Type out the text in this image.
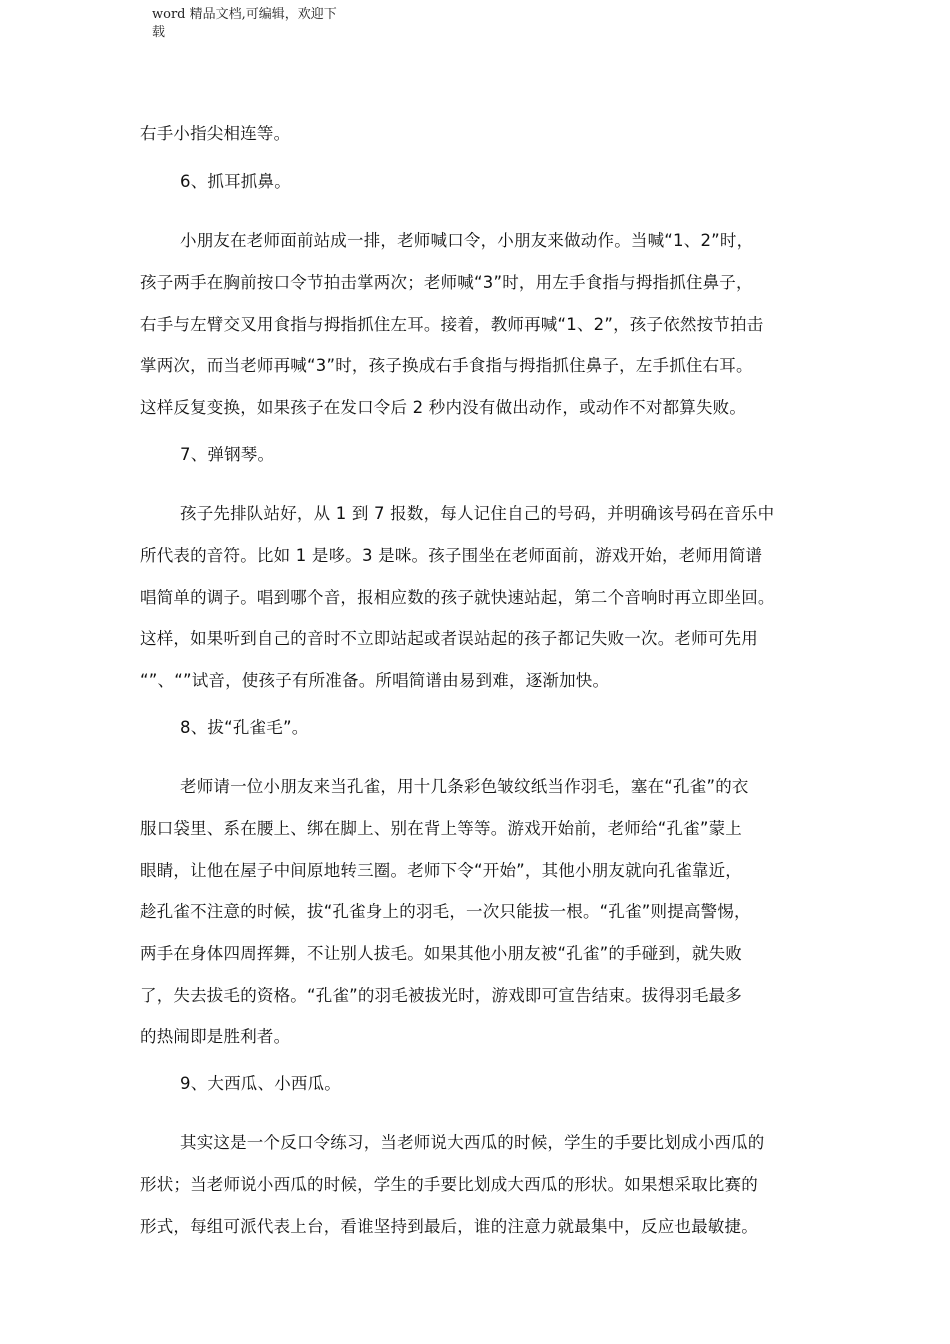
word 精品文档,可编辑，欢迎下
载
右手小指尖相连等。
6、抓耳抓鼻。
小朋友在老师面前站成一排，老师喊口令，小朋友来做动作。当喊“1、2”时，
孩子两手在胸前按口令节拍击掌两次；老师喊“3”时，用左手食指与拇指抓住鼻子，
右手与左臂交叉用食指与拇指抓住左耳。接着，教师再喊“1、2”，孩子依然按节拍击
掌两次，而当老师再喊“3”时，孩子换成右手食指与拇指抓住鼻子，左手抓住右耳。
这样反复变换，如果孩子在发口令后 2 秒内没有做出动作，或动作不对都算失败。
7、弹钢琴。
孩子先排队站好，从 1 到 7 报数，每人记住自己的号码，并明确该号码在音乐中
所代表的音符。比如 1 是哆。3 是咪。孩子围坐在老师面前，游戏开始，老师用简谱
唱简单的调子。唱到哪个音，报相应数的孩子就快速站起，第二个音响时再立即坐回。
这样，如果听到自己的音时不立即站起或者误站起的孩子都记失败一次。老师可先用
“”、“”试音，使孩子有所准备。所唱简谱由易到难，逐渐加快。
8、拔“孔雀毛”。
老师请一位小朋友来当孔雀，用十几条彩色皱纹纸当作羽毛，塞在“孔雀”的衣
服口袋里、系在腰上、绑在脚上、别在背上等等。游戏开始前，老师给“孔雀”蒙上
眼睛，让他在屋子中间原地转三圈。老师下令“开始”，其他小朋友就向孔雀靠近，
趁孔雀不注意的时候，拔“孔雀身上的羽毛，一次只能拔一根。“孔雀”则提高警惕，
两手在身体四周挥舞，不让别人拔毛。如果其他小朋友被“孔雀”的手碰到，就失败
了，失去拔毛的资格。“孔雀”的羽毛被拔光时，游戏即可宣告结束。拔得羽毛最多
的热闹即是胜利者。
9、大西瓜、小西瓜。
其实这是一个反口令练习，当老师说大西瓜的时候，学生的手要比划成小西瓜的
形状；当老师说小西瓜的时候，学生的手要比划成大西瓜的形状。如果想采取比赛的
形式，每组可派代表上台，看谁坚持到最后，谁的注意力就最集中，反应也最敏捷。
